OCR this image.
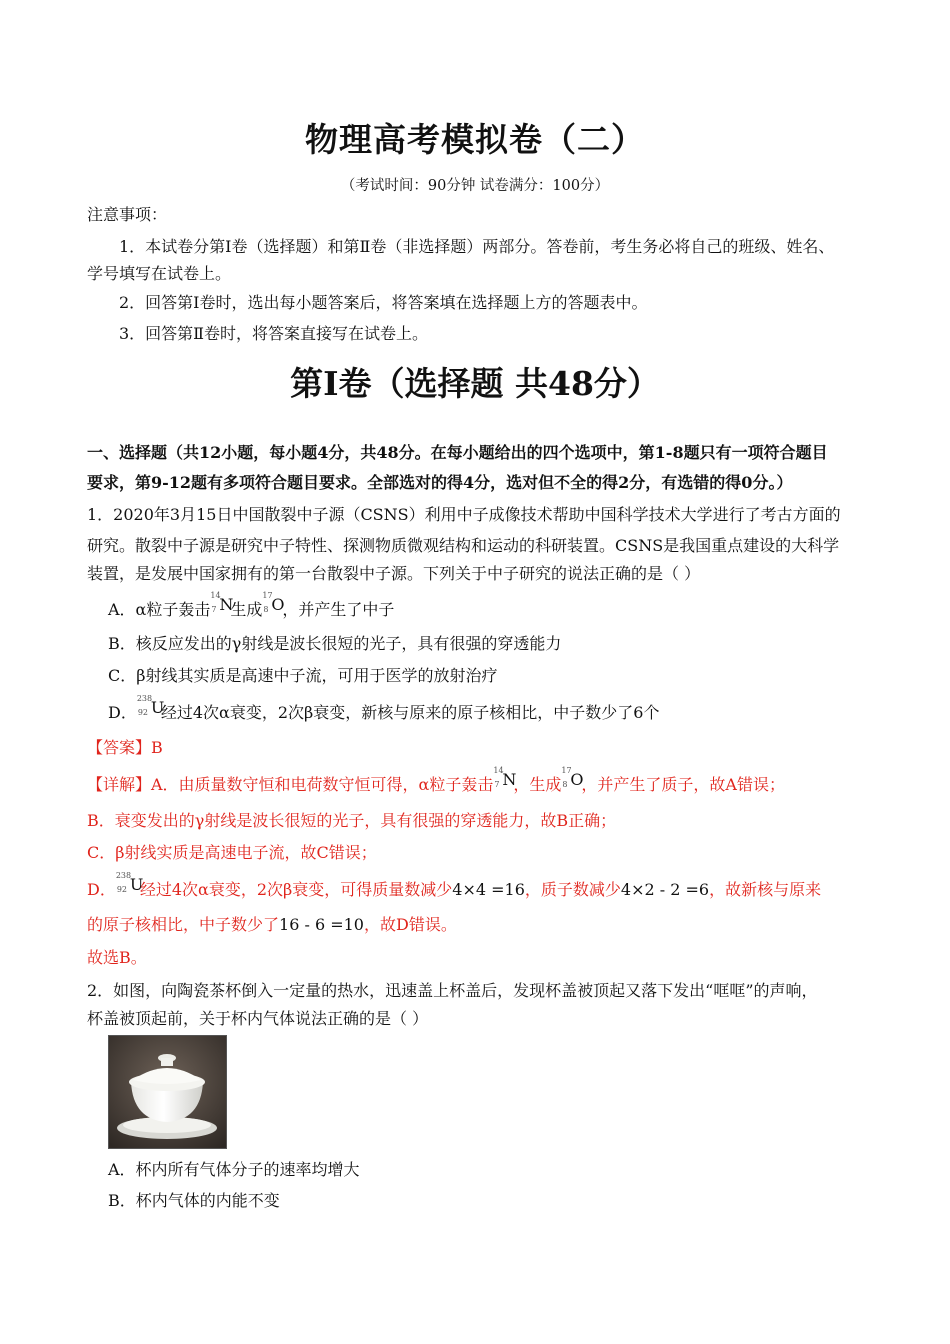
物理高考模拟卷（二）
（考试时间：90分钟 试卷满分：100分）
注意事项：
1．本试卷分第Ⅰ卷（选择题）和第Ⅱ卷（非选择题）两部分。答卷前，考生务必将自己的班级、姓名、
学号填写在试卷上。
2．回答第Ⅰ卷时，选出每小题答案后，将答案填在选择题上方的答题表中。
3．回答第Ⅱ卷时，将答案直接写在试卷上。
第Ⅰ卷（选择题 共48分）
一、选择题（共12小题，每小题4分，共48分。在每小题给出的四个选项中，第1-8题只有一项符合题目
要求，第9-12题有多项符合题目要求。全部选对的得4分，选对但不全的得2分，有选错的得0分。）
1．2020年3月15日中国散裂中子源（CSNS）利用中子成像技术帮助中国科学技术大学进行了考古方面的
研究。散裂中子源是研究中子特性、探测物质微观结构和运动的科研装置。CSNS是我国重点建设的大科学
装置，是发展中国家拥有的第一台散裂中子源。下列关于中子研究的说法正确的是（ ）
A．α粒子轰击
14
7 N
生成
17
8 O
，并产生了中子
B．核反应发出的γ射线是波长很短的光子，具有很强的穿透能力
C．β射线其实质是高速中子流，可用于医学的放射治疗
D．
238
92 U
经过4次α衰变，2次β衰变，新核与原来的原子核相比，中子数少了6个
【答案】B
【详解】A．由质量数守恒和电荷数守恒可得，α粒子轰击
14
7 N
，生成
17
8 O
，并产生了质子，故A错误；
B．衰变发出的γ射线是波长很短的光子，具有很强的穿透能力，故B正确；
C．β射线实质是高速电子流，故C错误；
D．
238
92 U
经过4次α衰变，2次β衰变，可得质量数减少4×4 =16，质子数减少4×2 - 2 =6，故新核与原来
的原子核相比，中子数少了16 - 6 =10，故D错误。
故选B。
2．如图，向陶瓷茶杯倒入一定量的热水，迅速盖上杯盖后，发现杯盖被顶起又落下发出“哐哐”的声响，
杯盖被顶起前，关于杯内气体说法正确的是（ ）
A．杯内所有气体分子的速率均增大
B．杯内气体的内能不变
